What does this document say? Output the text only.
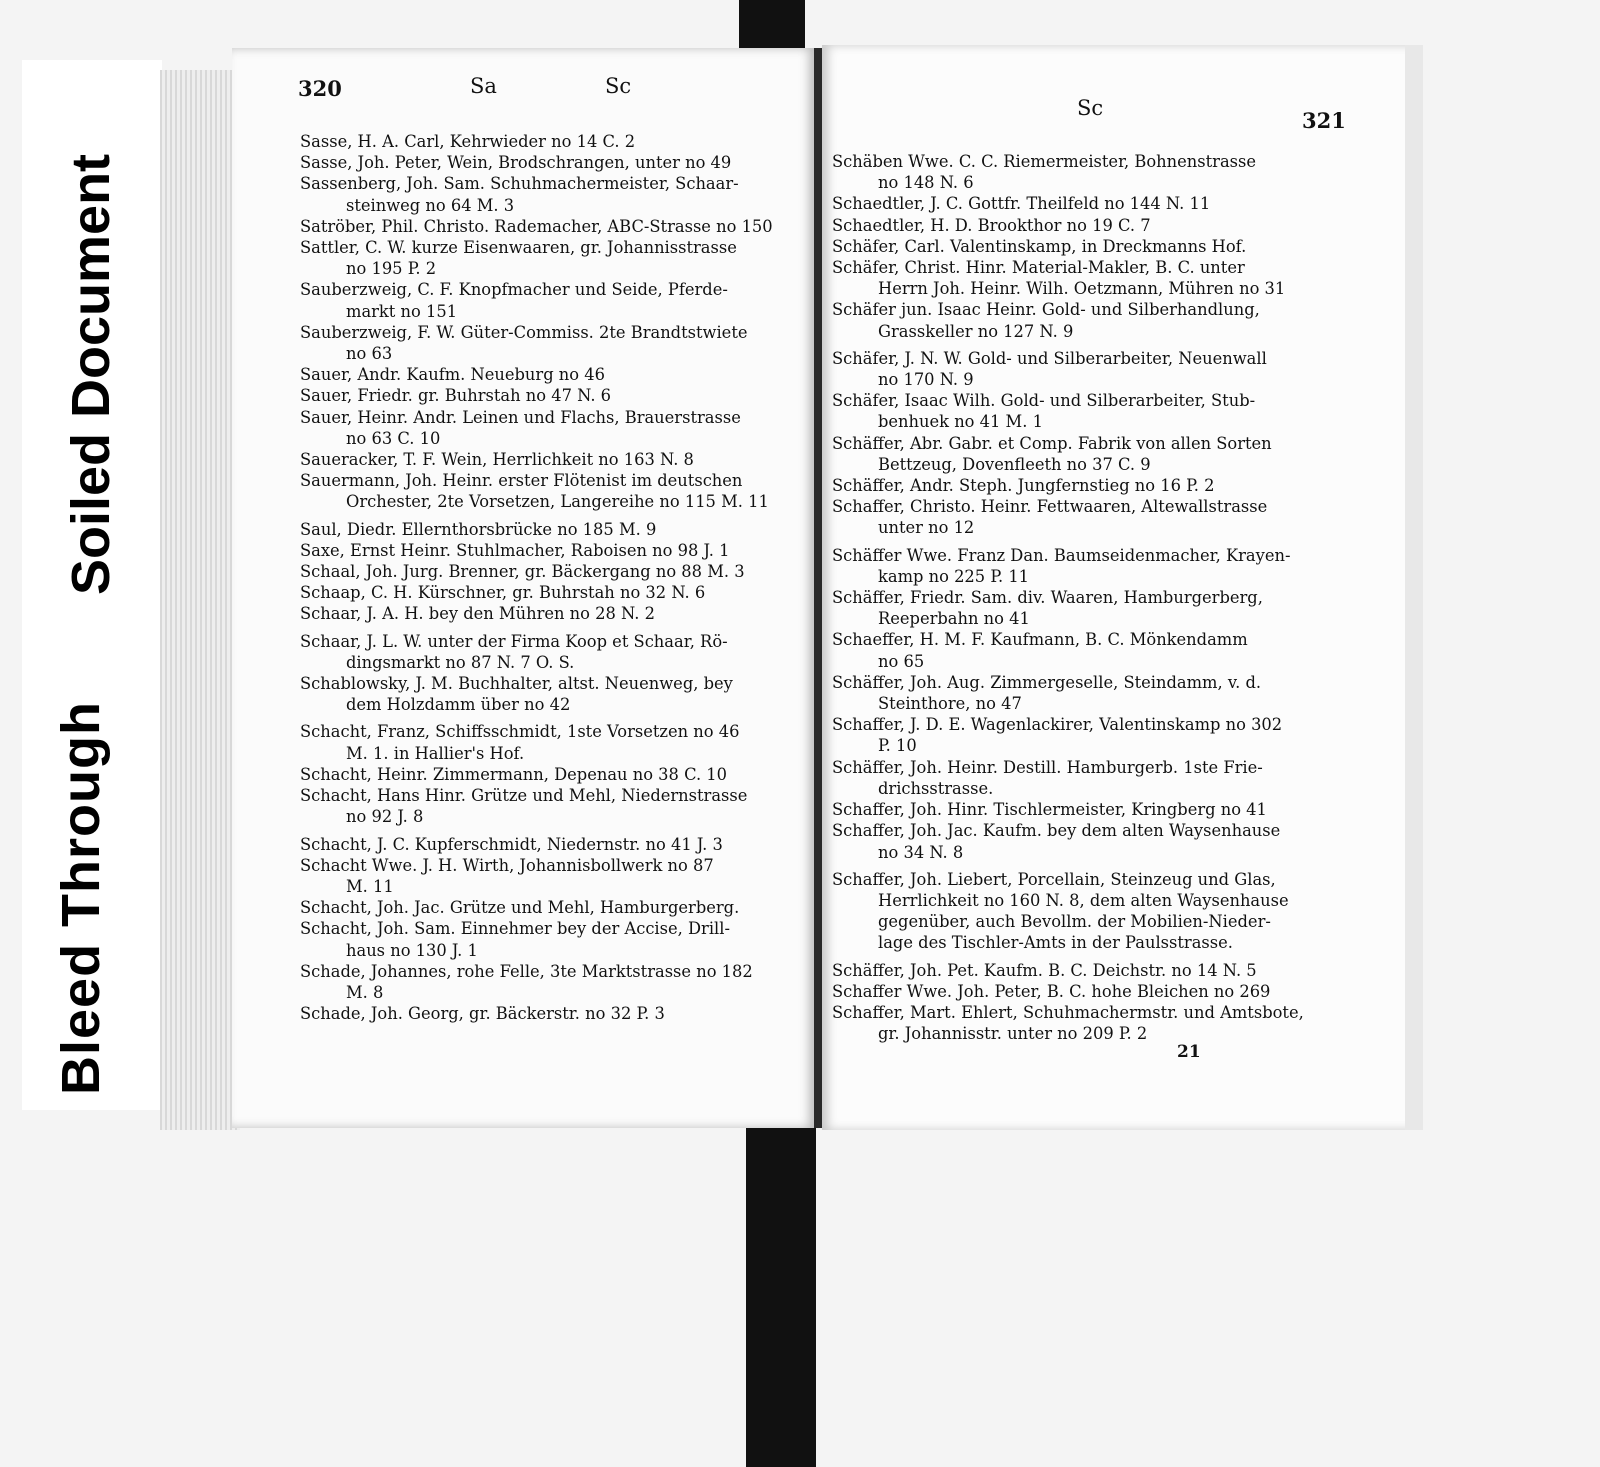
Bleed Through
Soiled Document
320	Sa	Sc
Sc	321

Sasse, H. A. Carl, Kehrwieder no 14 C. 2

Sasse, Joh. Peter, Wein, Brodschrangen, unter no 49

Sassenberg, Joh. Sam. Schuhmachermeister, Schaar-

steinweg no 64 M. 3

Satröber, Phil. Christo. Rademacher, ABC-Strasse no 150

Sattler, C. W. kurze Eisenwaaren, gr. Johannisstrasse

no 195 P. 2

Sauberzweig, C. F. Knopfmacher und Seide, Pferde-

markt no 151

Sauberzweig, F. W. Güter-Commiss. 2te Brandtstwiete

no 63

Sauer, Andr. Kaufm. Neueburg no 46

Sauer, Friedr. gr. Buhrstah no 47 N. 6

Sauer, Heinr. Andr. Leinen und Flachs, Brauerstrasse

no 63 C. 10

Saueracker, T. F. Wein, Herrlichkeit no 163 N. 8

Sauermann, Joh. Heinr. erster Flötenist im deutschen

Orchester, 2te Vorsetzen, Langereihe no 115 M. 11

Saul, Diedr. Ellernthorsbrücke no 185 M. 9

Saxe, Ernst Heinr. Stuhlmacher, Raboisen no 98 J. 1

Schaal, Joh. Jurg. Brenner, gr. Bäckergang no 88 M. 3

Schaap, C. H. Kürschner, gr. Buhrstah no 32 N. 6

Schaar, J. A. H. bey den Mühren no 28 N. 2

Schaar, J. L. W. unter der Firma Koop et Schaar, Rö-

dingsmarkt no 87 N. 7 O. S.

Schablowsky, J. M. Buchhalter, altst. Neuenweg, bey

dem Holzdamm über no 42

Schacht, Franz, Schiffsschmidt, 1ste Vorsetzen no 46

M. 1. in Hallier's Hof.

Schacht, Heinr. Zimmermann, Depenau no 38 C. 10

Schacht, Hans Hinr. Grütze und Mehl, Niedernstrasse

no 92 J. 8

Schacht, J. C. Kupferschmidt, Niedernstr. no 41 J. 3

Schacht Wwe. J. H. Wirth, Johannisbollwerk no 87

M. 11

Schacht, Joh. Jac. Grütze und Mehl, Hamburgerberg.

Schacht, Joh. Sam. Einnehmer bey der Accise, Drill-

haus no 130 J. 1

Schade, Johannes, rohe Felle, 3te Marktstrasse no 182

M. 8

Schade, Joh. Georg, gr. Bäckerstr. no 32 P. 3

Schäben Wwe. C. C. Riemermeister, Bohnenstrasse

no 148 N. 6

Schaedtler, J. C. Gottfr. Theilfeld no 144 N. 11

Schaedtler, H. D. Brookthor no 19 C. 7

Schäfer, Carl. Valentinskamp, in Dreckmanns Hof.

Schäfer, Christ. Hinr. Material-Makler, B. C. unter

Herrn Joh. Heinr. Wilh. Oetzmann, Mühren no 31

Schäfer jun. Isaac Heinr. Gold- und Silberhandlung,

Grasskeller no 127 N. 9

Schäfer, J. N. W. Gold- und Silberarbeiter, Neuenwall

no 170 N. 9

Schäfer, Isaac Wilh. Gold- und Silberarbeiter, Stub-

benhuek no 41 M. 1

Schäffer, Abr. Gabr. et Comp. Fabrik von allen Sorten

Bettzeug, Dovenfleeth no 37 C. 9

Schäffer, Andr. Steph. Jungfernstieg no 16 P. 2

Schaffer, Christo. Heinr. Fettwaaren, Altewallstrasse

unter no 12

Schäffer Wwe. Franz Dan. Baumseidenmacher, Krayen-

kamp no 225 P. 11

Schäffer, Friedr. Sam. div. Waaren, Hamburgerberg,

Reeperbahn no 41

Schaeffer, H. M. F. Kaufmann, B. C. Mönkendamm

no 65

Schäffer, Joh. Aug. Zimmergeselle, Steindamm, v. d.

Steinthore, no 47

Schaffer, J. D. E. Wagenlackirer, Valentinskamp no 302

P. 10

Schäffer, Joh. Heinr. Destill. Hamburgerb. 1ste Frie-

drichsstrasse.

Schaffer, Joh. Hinr. Tischlermeister, Kringberg no 41

Schaffer, Joh. Jac. Kaufm. bey dem alten Waysenhause

no 34 N. 8

Schaffer, Joh. Liebert, Porcellain, Steinzeug und Glas,

Herrlichkeit no 160 N. 8, dem alten Waysenhause

gegenüber, auch Bevollm. der Mobilien-Nieder-

lage des Tischler-Amts in der Paulsstrasse.

Schäffer, Joh. Pet. Kaufm. B. C. Deichstr. no 14 N. 5

Schaffer Wwe. Joh. Peter, B. C. hohe Bleichen no 269

Schaffer, Mart. Ehlert, Schuhmachermstr. und Amtsbote,

gr. Johannisstr. unter no 209 P. 2

21
